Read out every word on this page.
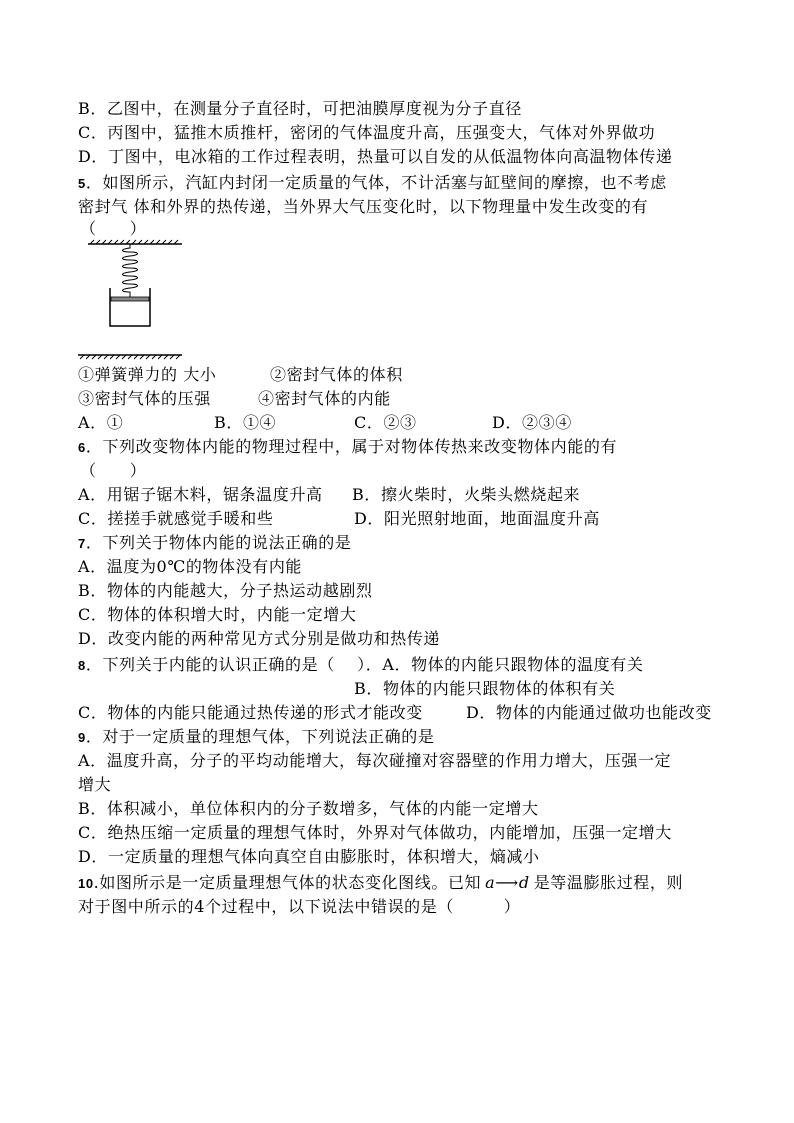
B．乙图中，在测量分子直径时，可把油膜厚度视为分子直径
C．丙图中，猛推木质推杆，密闭的气体温度升高，压强变大，气体对外界做功
D．丁图中，电冰箱的工作过程表明，热量可以自发的从低温物体向高温物体传递
5．如图所示，汽缸内封闭一定质量的气体，不计活塞与缸壁间的摩擦，也不考虑
密封气 体和外界的热传递，当外界大气压变化时，以下物理量中发生改变的有
（　　）
①弹簧弹力的 大小	②密封气体的体积
③密封气体的压强	④密封气体的内能
A．①	B．①④	C．②③	D．②③④
6．下列改变物体内能的物理过程中，属于对物体传热来改变物体内能的有
（　　）
A．用锯子锯木料，锯条温度升高 B．擦火柴时，火柴头燃烧起来
C．搓搓手就感觉手暖和些	D．阳光照射地面，地面温度升高
7．下列关于物体内能的说法正确的是
A．温度为0℃的物体没有内能
B．物体的内能越大，分子热运动越剧烈
C．物体的体积增大时，内能一定增大
D．改变内能的两种常见方式分别是做功和热传递
8．下列关于内能的认识正确的是（　 ）．A．物体的内能只跟物体的温度有关
B．物体的内能只跟物体的体积有关
C．物体的内能只能通过热传递的形式才能改变	D．物体的内能通过做功也能改变
9．对于一定质量的理想气体，下列说法正确的是
A．温度升高，分子的平均动能增大，每次碰撞对容器壁的作用力增大，压强一定
增大
B．体积减小，单位体积内的分子数增多，气体的内能一定增大
C．绝热压缩一定质量的理想气体时，外界对气体做功，内能增加，压强一定增大
D．一定质量的理想气体向真空自由膨胀时，体积增大，熵减小
10.如图所示是一定质量理想气体的状态变化图线。已知 a⟶d 是等温膨胀过程，则
对于图中所示的4个过程中，以下说法中错误的是（　　　）
